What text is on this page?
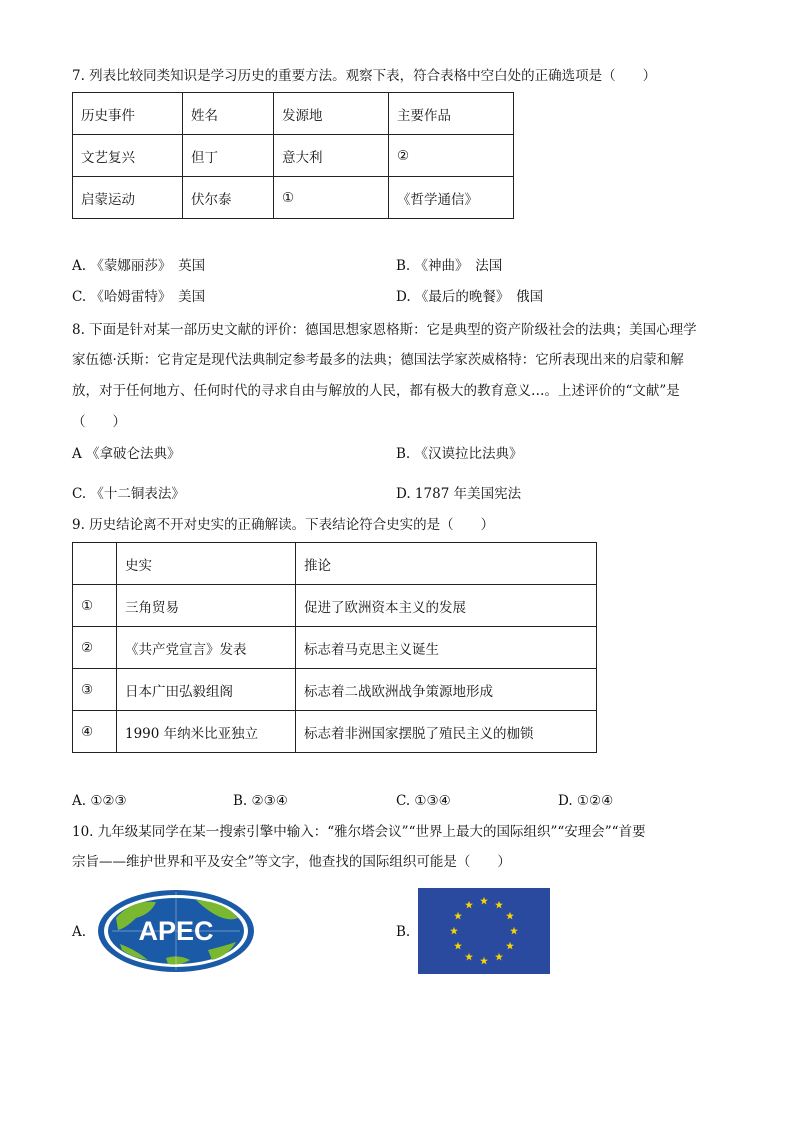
7. 列表比较同类知识是学习历史的重要方法。观察下表，符合表格中空白处的正确选项是（　　）
历史事件	姓名	发源地	主要作品
文艺复兴	但丁	意大利	②
启蒙运动	伏尔泰	①	《哲学通信》
A. 《蒙娜丽莎》　英国	B. 《神曲》　法国
C. 《哈姆雷特》　美国	D. 《最后的晚餐》　俄国
8. 下面是针对某一部历史文献的评价：德国思想家恩格斯：它是典型的资产阶级社会的法典；美国心理学
家伍德·沃斯：它肯定是现代法典制定参考最多的法典；德国法学家茨威格特：它所表现出来的启蒙和解
放，对于任何地方、任何时代的寻求自由与解放的人民，都有极大的教育意义…。上述评价的“文献”是
（　　）
A 《拿破仑法典》	B. 《汉谟拉比法典》
C. 《十二铜表法》	D. 1787 年美国宪法
9. 历史结论离不开对史实的正确解读。下表结论符合史实的是（　　）
	史实	推论
①	三角贸易	促进了欧洲资本主义的发展
②	《共产党宣言》发表	标志着马克思主义诞生
③	日本广田弘毅组阁	标志着二战欧洲战争策源地形成
④	1990 年纳米比亚独立	标志着非洲国家摆脱了殖民主义的枷锁
A. ①②③	B. ②③④	C. ①③④	D. ①②④
10. 九年级某同学在某一搜索引擎中输入：“雅尔塔会议”“世界上最大的国际组织”“安理会”“首要
宗旨——维护世界和平及安全”等文字，他查找的国际组织可能是（　　）
A. APEC	B.
